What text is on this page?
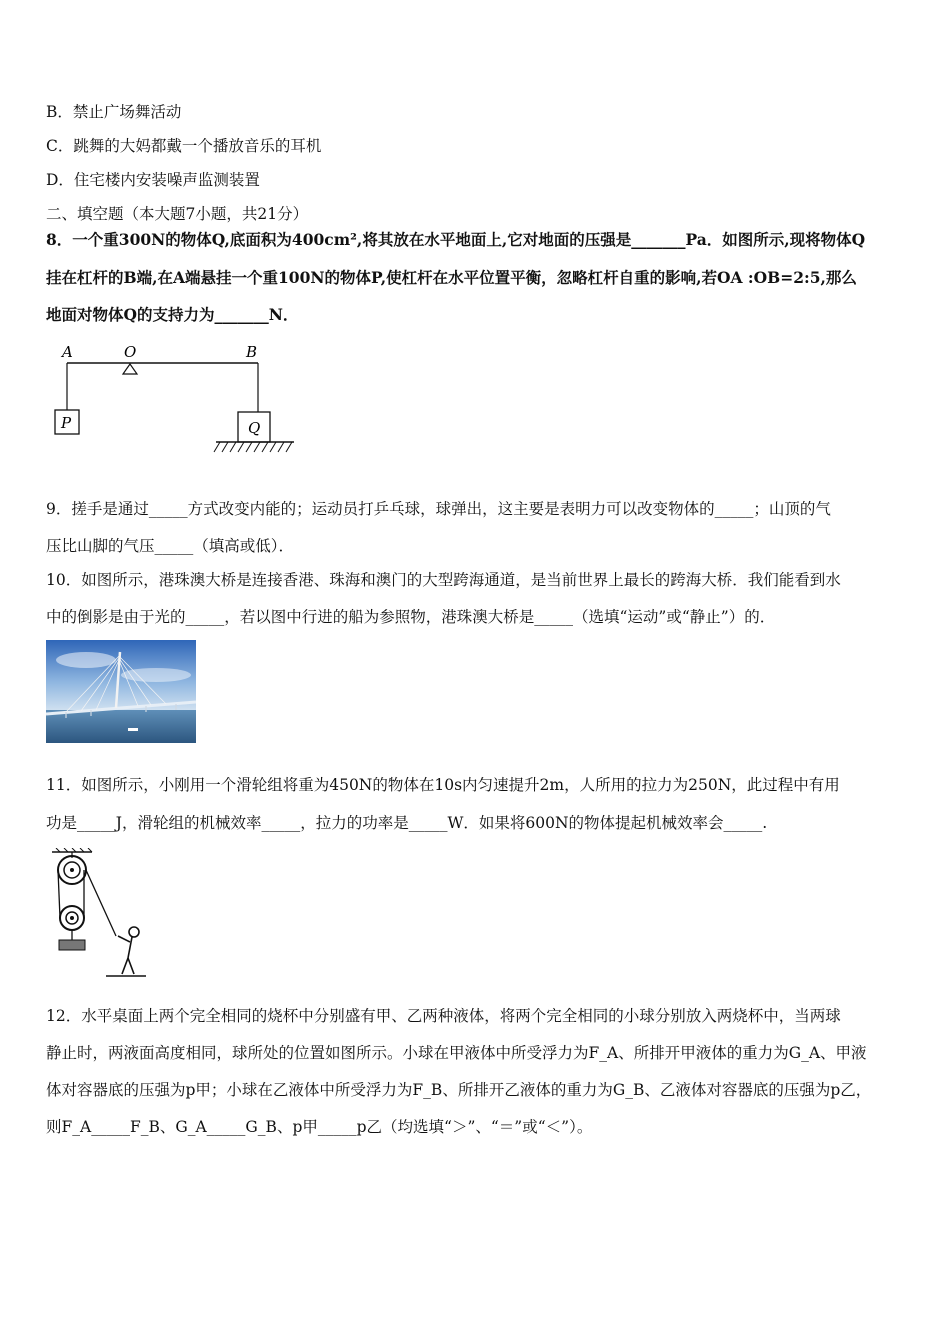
B．禁止广场舞活动
C．跳舞的大妈都戴一个播放音乐的耳机
D．住宅楼内安装噪声监测装置
二、填空题（本大题7小题，共21分）
8．一个重300N的物体Q,底面积为400cm²,将其放在水平地面上,它对地面的压强是_______Pa．如图所示,现将物体Q
挂在杠杆的B端,在A端悬挂一个重100N的物体P,使杠杆在水平位置平衡，忽略杠杆自重的影响,若OA :OB=2:5,那么
地面对物体Q的支持力为_______N．
A	O	B
P	Q
9．搓手是通过_____方式改变内能的；运动员打乒乓球，球弹出，这主要是表明力可以改变物体的_____；山顶的气
压比山脚的气压_____（填高或低）．
10．如图所示，港珠澳大桥是连接香港、珠海和澳门的大型跨海通道，是当前世界上最长的跨海大桥．我们能看到水
中的倒影是由于光的_____，若以图中行进的船为参照物，港珠澳大桥是_____（选填“运动”或“静止”）的．
11．如图所示，小刚用一个滑轮组将重为450N的物体在10s内匀速提升2m，人所用的拉力为250N，此过程中有用
功是_____J，滑轮组的机械效率_____，拉力的功率是_____W．如果将600N的物体提起机械效率会_____.
12．水平桌面上两个完全相同的烧杯中分别盛有甲、乙两种液体，将两个完全相同的小球分别放入两烧杯中，当两球
静止时，两液面高度相同，球所处的位置如图所示。小球在甲液体中所受浮力为F_A、所排开甲液体的重力为G_A、甲液
体对容器底的压强为p甲；小球在乙液体中所受浮力为F_B、所排开乙液体的重力为G_B、乙液体对容器底的压强为p乙，
则F_A_____F_B、G_A_____G_B、p甲_____p乙（均选填“＞”、“＝”或“＜”）。
